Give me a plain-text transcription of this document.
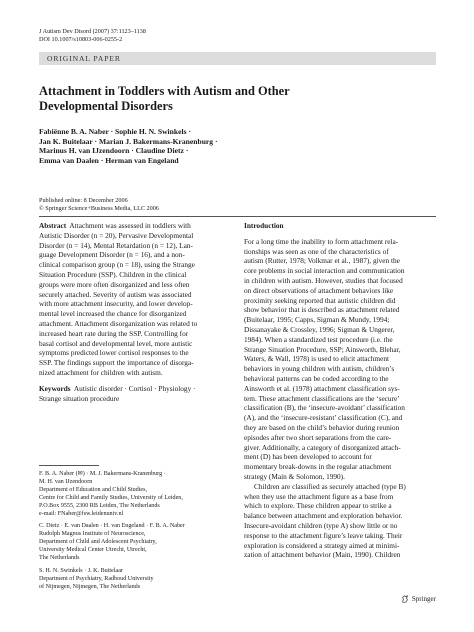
J Autism Dev Disord (2007) 37:1123–1138
DOI 10.1007/s10803-006-0255-2
ORIGINAL PAPER
Attachment in Toddlers with Autism and Other
Developmental Disorders
Fabiënne B. A. Naber · Sophie H. N. Swinkels ·
Jan K. Buitelaar · Marian J. Bakermans-Kranenburg ·
Marinus H. van IJzendoorn · Claudine Dietz ·
Emma van Daalen · Herman van Engeland
Published online: 8 December 2006
© Springer Science+Business Media, LLC 2006
Abstract Attachment was assessed in toddlers with
Autistic Disorder (n = 20), Pervasive Developmental
Disorder (n = 14), Mental Retardation (n = 12), Lan-
guage Development Disorder (n = 16), and a non-
clinical comparison group (n = 18), using the Strange
Situation Procedure (SSP). Children in the clinical
groups were more often disorganized and less often
securely attached. Severity of autism was associated
with more attachment insecurity, and lower develop-
mental level increased the chance for disorganized
attachment. Attachment disorganization was related to
increased heart rate during the SSP. Controlling for
basal cortisol and developmental level, more autistic
symptoms predicted lower cortisol responses to the
SSP. The findings support the importance of disorga-
nized attachment for children with autism.
Keywords Autistic disorder · Cortisol · Physiology ·
Strange situation procedure

F. B. A. Naber (✉) · M. J. Bakermans-Kranenburg ·
M. H. van IJzendoorn
Department of Education and Child Studies,
Centre for Child and Family Studies, University of Leiden,
P.O.Box 9555, 2300 RB Leiden, The Netherlands
e-mail: FNaber@fsw.leidenuniv.nl

C. Dietz · E. van Daalen · H. van Engeland · F. B. A. Naber
Rudolph Magnus Institute of Neuroscience,
Department of Child and Adolescent Psychiatry,
University Medical Center Utrecht, Utrecht,
The Netherlands

S. H. N. Swinkels · J. K. Buitelaar
Department of Psychiatry, Radboud University
of Nijmegen, Nijmegen, The Netherlands

Introduction
For a long time the inability to form attachment rela-
tionships was seen as one of the characteristics of
autism (Rutter, 1978; Volkmar et al., 1987), given the
core problems in social interaction and communication
in children with autism. However, studies that focused
on direct observations of attachment behaviors like
proximity seeking reported that autistic children did
show behavior that is described as attachment related
(Buitelaar, 1995; Capps, Sigman & Mundy, 1994;
Dissanayake & Crossley, 1996; Sigman & Ungerer,
1984). When a standardized test procedure (i.e. the
Strange Situation Procedure, SSP; Ainsworth, Blehar,
Waters, & Wall, 1978) is used to elicit attachment
behaviors in young children with autism, children’s
behavioral patterns can be coded according to the
Ainsworth et al. (1978) attachment classification sys-
tem. These attachment classifications are the ‘secure’
classification (B), the ‘insecure-avoidant’ classification
(A), and the ‘insecure-resistant’ classification (C), and
they are based on the child’s behavior during reunion
episodes after two short separations from the care-
giver. Additionally, a category of disorganized attach-
ment (D) has been developed to account for
momentary break-downs in the regular attachment
strategy (Main & Solomon, 1990).
Children are classified as securely attached (type B)
when they use the attachment figure as a base from
which to explore. These children appear to strike a
balance between attachment and exploration behavior.
Insecure-avoidant children (type A) show little or no
response to the attachment figure’s leave taking. Their
exploration is considered a strategy aimed at minimi-
zation of attachment behavior (Main, 1990). Children
Springer
